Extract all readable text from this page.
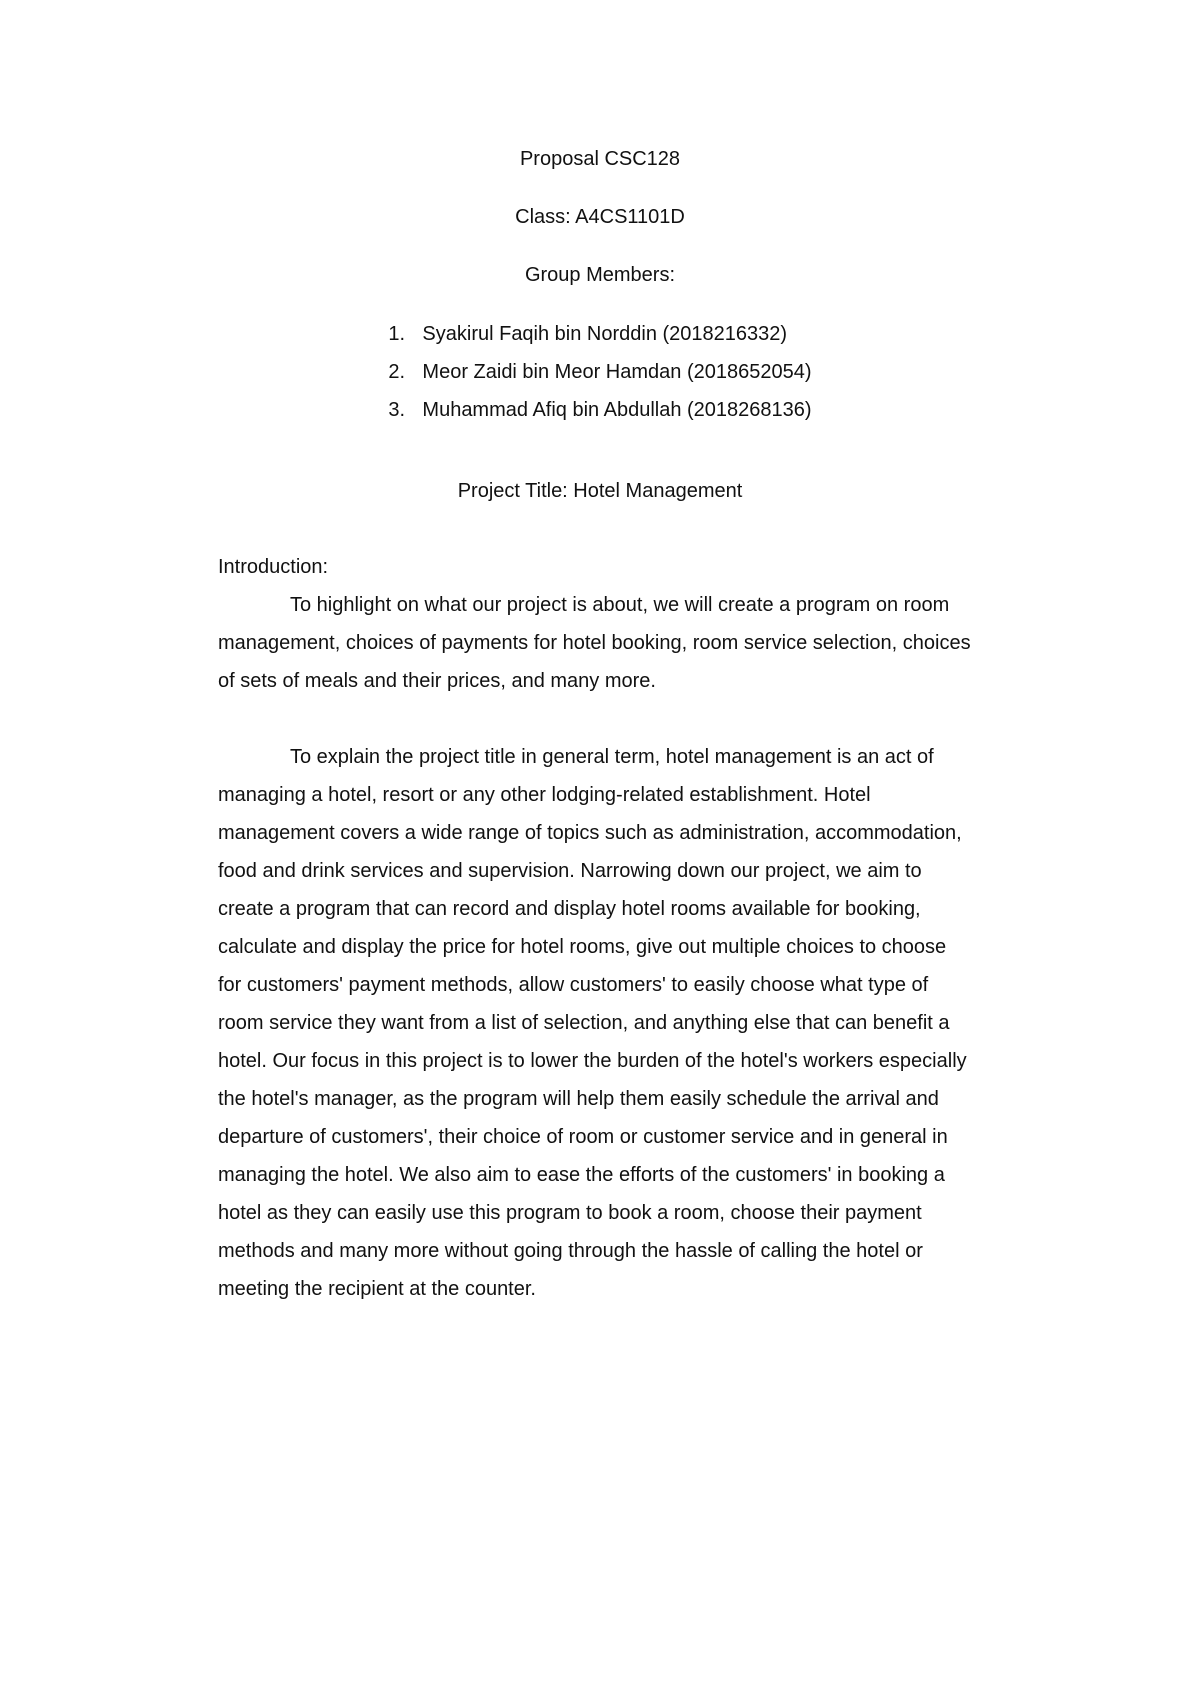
Proposal CSC128
Class: A4CS1101D
Group Members:
1. Syakirul Faqih bin Norddin (2018216332)
2. Meor Zaidi bin Meor Hamdan (2018652054)
3. Muhammad Afiq bin Abdullah (2018268136)
Project Title: Hotel Management
Introduction:
To highlight on what our project is about, we will create a program on room
management, choices of payments for hotel booking, room service selection, choices
of sets of meals and their prices, and many more.
To explain the project title in general term, hotel management is an act of
managing a hotel, resort or any other lodging-related establishment. Hotel
management covers a wide range of topics such as administration, accommodation,
food and drink services and supervision. Narrowing down our project, we aim to
create a program that can record and display hotel rooms available for booking,
calculate and display the price for hotel rooms, give out multiple choices to choose
for customers' payment methods, allow customers' to easily choose what type of
room service they want from a list of selection, and anything else that can benefit a
hotel. Our focus in this project is to lower the burden of the hotel's workers especially
the hotel's manager, as the program will help them easily schedule the arrival and
departure of customers', their choice of room or customer service and in general in
managing the hotel. We also aim to ease the efforts of the customers' in booking a
hotel as they can easily use this program to book a room, choose their payment
methods and many more without going through the hassle of calling the hotel or
meeting the recipient at the counter.
